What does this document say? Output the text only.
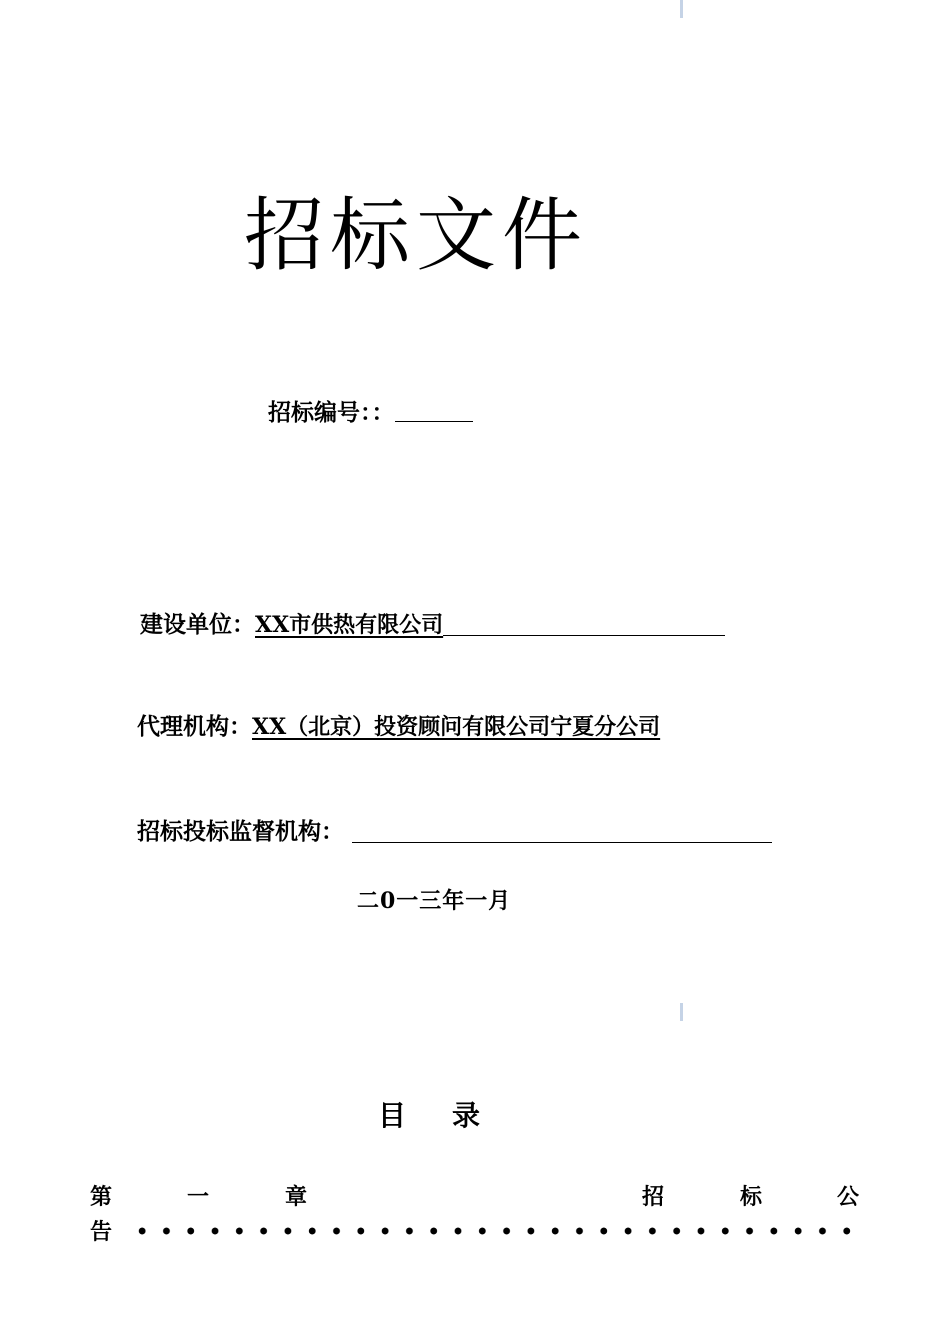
招标文件
招标编号：：
建设单位：XX市供热有限公司
代理机构：XX（北京）投资顾问有限公司宁夏分公司
招标投标监督机构：
二0一三年一月
目 录
第	一	章	招	标	公
告
